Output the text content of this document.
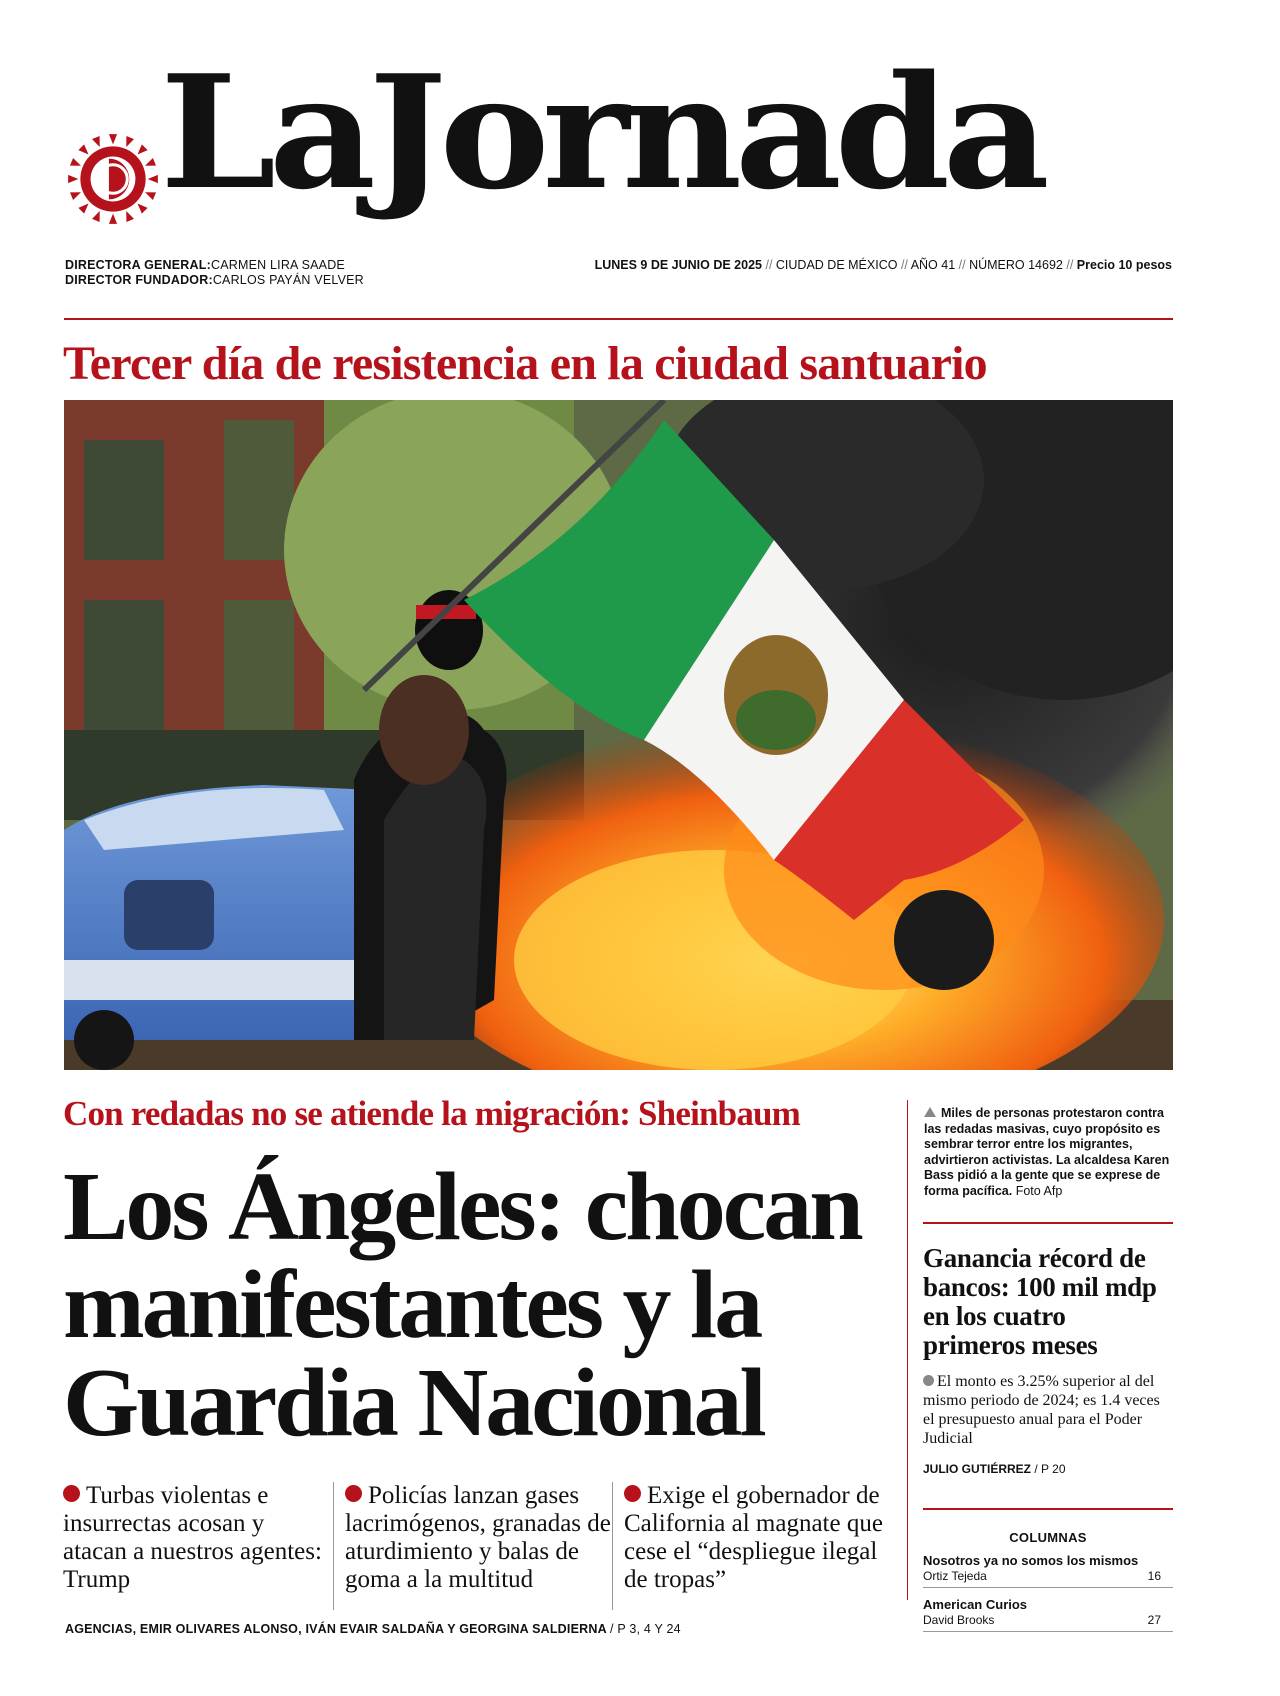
LaJornada
DIRECTORA GENERAL:CARMEN LIRA SAADE
DIRECTOR FUNDADOR:CARLOS PAYÁN VELVER
LUNES 9 DE JUNIO DE 2025 // CIUDAD DE MÉXICO // AÑO 41 // NÚMERO 14692 // Precio 10 pesos
Tercer día de resistencia en la ciudad santuario
Con redadas no se atiende la migración: Sheinbaum
Los Ángeles: chocan manifestantes y la Guardia Nacional
Turbas violentas e insurrectas acosan y atacan a nuestros agentes: Trump
Policías lanzan gases lacrimógenos, granadas de aturdimiento y balas de goma a la multitud
Exige el gobernador de California al magnate que cese el “despliegue ilegal de tropas”
AGENCIAS, EMIR OLIVARES ALONSO, IVÁN EVAIR SALDAÑA Y GEORGINA SALDIERNA / P 3, 4 Y 24
Miles de personas protestaron contra las redadas masivas, cuyo propósito es sembrar terror entre los migrantes, advirtieron activistas. La alcaldesa Karen Bass pidió a la gente que se exprese de forma pacífica. Foto Afp
Ganancia récord de bancos: 100 mil mdp en los cuatro primeros meses
El monto es 3.25% superior al del mismo periodo de 2024; es 1.4 veces el presupuesto anual para el Poder Judicial
JULIO GUTIÉRREZ / P 20
COLUMNAS
Nosotros ya no somos los mismos
Ortiz Tejeda	16
American Curios
David Brooks	27
